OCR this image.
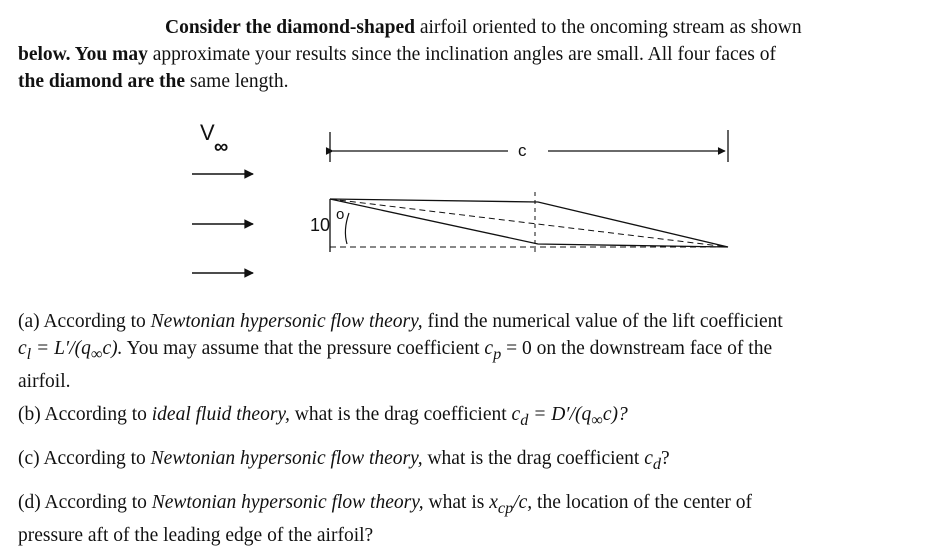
Consider the diamond-shaped airfoil oriented to the oncoming stream as shown
below. You may approximate your results since the inclination angles are small. All four faces of
the diamond are the same length.
V
∞	c
10
o
(a) According to Newtonian hypersonic flow theory, find the numerical value of the lift coefficient
$c_l = L'/(q_\infty c)$. You may assume that the pressure coefficient $c_p = 0$ on the downstream face of the
airfoil.
(b) According to ideal fluid theory, what is the drag coefficient $c_d = D'/(q_\infty c)$?
(c) According to Newtonian hypersonic flow theory, what is the drag coefficient $c_d$?
(d) According to Newtonian hypersonic flow theory, what is $x_{cp}/c$, the location of the center of
pressure aft of the leading edge of the airfoil?
